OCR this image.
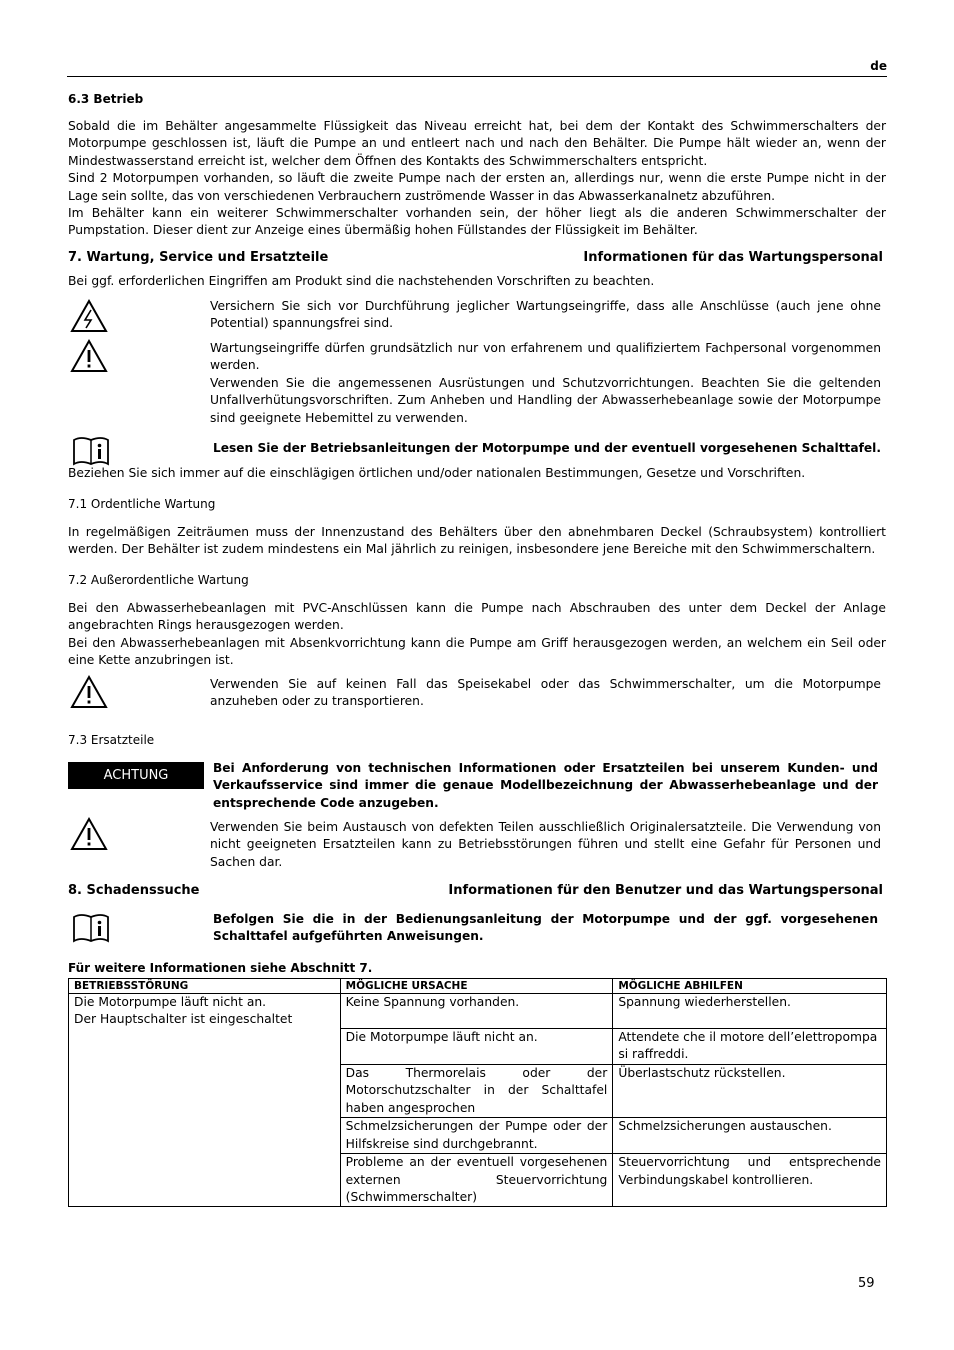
de
6.3 Betrieb
Sobald die im Behälter angesammelte Flüssigkeit das Niveau erreicht hat, bei dem der Kontakt des Schwimmerschalters der Motorpumpe geschlossen ist, läuft die Pumpe an und entleert nach und nach den Behälter. Die Pumpe hält wieder an, wenn der Mindestwasserstand erreicht ist, welcher dem Öffnen des Kontakts des Schwimmerschalters entspricht.
Sind 2 Motorpumpen vorhanden, so läuft die zweite Pumpe nach der ersten an, allerdings nur, wenn die erste Pumpe nicht in der Lage sein sollte, das von verschiedenen Verbrauchern zuströmende Wasser in das Abwasserkanalnetz abzuführen.
Im Behälter kann ein weiterer Schwimmerschalter vorhanden sein, der höher liegt als die anderen Schwimmerschalter der Pumpstation. Dieser dient zur Anzeige eines übermäßig hohen Füllstandes der Flüssigkeit im Behälter.
7. Wartung, Service und Ersatzteile	Informationen für das Wartungspersonal
Bei ggf. erforderlichen Eingriffen am Produkt sind die nachstehenden Vorschriften zu beachten.
Versichern Sie sich vor Durchführung jeglicher Wartungseingriffe, dass alle Anschlüsse (auch jene ohne Potential) spannungsfrei sind.
Wartungseingriffe dürfen grundsätzlich nur von erfahrenem und qualifiziertem Fachpersonal vorgenommen werden.
Verwenden Sie die angemessenen Ausrüstungen und Schutzvorrichtungen. Beachten Sie die geltenden Unfallverhütungsvorschriften. Zum Anheben und Handling der Abwasserhebeanlage sowie der Motorpumpe sind geeignete Hebemittel zu verwenden.
Lesen Sie der Betriebsanleitungen der Motorpumpe und der eventuell vorgesehenen Schalttafel.
Beziehen Sie sich immer auf die einschlägigen örtlichen und/oder nationalen Bestimmungen, Gesetze und Vorschriften.
7.1 Ordentliche Wartung
In regelmäßigen Zeiträumen muss der Innenzustand des Behälters über den abnehmbaren Deckel (Schraubsystem) kontrolliert werden. Der Behälter ist zudem mindestens ein Mal jährlich zu reinigen, insbesondere jene Bereiche mit den Schwimmerschaltern.
7.2 Außerordentliche Wartung
Bei den Abwasserhebeanlagen mit PVC-Anschlüssen kann die Pumpe nach Abschrauben des unter dem Deckel der Anlage angebrachten Rings herausgezogen werden.
Bei den Abwasserhebeanlagen mit Absenkvorrichtung kann die Pumpe am Griff herausgezogen werden, an welchem ein Seil oder eine Kette anzubringen ist.
Verwenden Sie auf keinen Fall das Speisekabel oder das Schwimmerschalter, um die Motorpumpe anzuheben oder zu transportieren.
7.3 Ersatzteile
ACHTUNG	Bei Anforderung von technischen Informationen oder Ersatzteilen bei unserem Kunden- und Verkaufsservice sind immer die genaue Modellbezeichnung der Abwasserhebeanlage und der entsprechende Code anzugeben.
Verwenden Sie beim Austausch von defekten Teilen ausschließlich Originalersatzteile. Die Verwendung von nicht geeigneten Ersatzteilen kann zu Betriebsstörungen führen und stellt eine Gefahr für Personen und Sachen dar.
8. Schadenssuche	Informationen für den Benutzer und das Wartungspersonal
Befolgen Sie die in der Bedienungsanleitung der Motorpumpe und der ggf. vorgesehenen Schalttafel aufgeführten Anweisungen.
Für weitere Informationen siehe Abschnitt 7.
BETRIEBSSTÖRUNG	MÖGLICHE URSACHE	MÖGLICHE ABHILFEN

Die Motorpumpe läuft nicht an.
Der Hauptschalter ist eingeschaltet	Keine Spannung vorhanden.	Spannung wiederherstellen.
	Die Motorpumpe läuft nicht an.	Attendete che il motore dell’elettropompa si raffreddi.
	Das Thermorelais oder der Motorschutzschalter in der Schalttafel haben angesprochen	Überlastschutz rückstellen.
	Schmelzsicherungen der Pumpe oder der Hilfskreise sind durchgebrannt.	Schmelzsicherungen austauschen.
	Probleme an der eventuell vorgesehenen externen Steuervorrichtung (Schwimmerschalter)	Steuervorrichtung und entsprechende Verbindungskabel kontrollieren.
59
